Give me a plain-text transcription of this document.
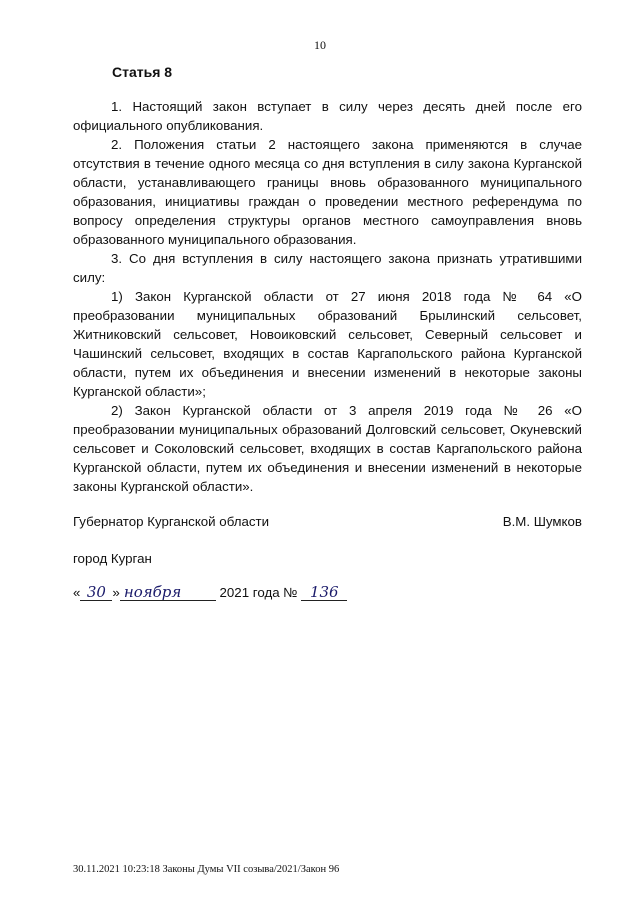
10
Статья 8

1. Настоящий закон вступает в силу через десять дней после его официального опубликования.

2. Положения статьи 2 настоящего закона применяются в случае отсутствия в течение одного месяца со дня вступления в силу закона Курганской области, устанавливающего границы вновь образованного муниципального образования, инициативы граждан о проведении местного референдума по вопросу определения структуры органов местного самоуправления вновь образованного муниципального образования.

3. Со дня вступления в силу настоящего закона признать утратившими силу:

1) Закон Курганской области от 27 июня 2018 года № 64 «О преобразовании муниципальных образований Брылинский сельсовет, Житниковский сельсовет, Новоиковский сельсовет, Северный сельсовет и Чашинский сельсовет, входящих в состав Каргапольского района Курганской области, путем их объединения и внесении изменений в некоторые законы Курганской области»;

2) Закон Курганской области от 3 апреля 2019 года № 26 «О преобразовании муниципальных образований Долговский сельсовет, Окуневский сельсовет и Соколовский сельсовет, входящих в состав Каргапольского района Курганской области, путем их объединения и внесении изменений в некоторые законы Курганской области».

Губернатор Курганской области	В.М. Шумков
город Курган
« 30 » ноября	2021 года № 136
30.11.2021 10:23:18 Законы Думы VII созыва/2021/Закон 96
